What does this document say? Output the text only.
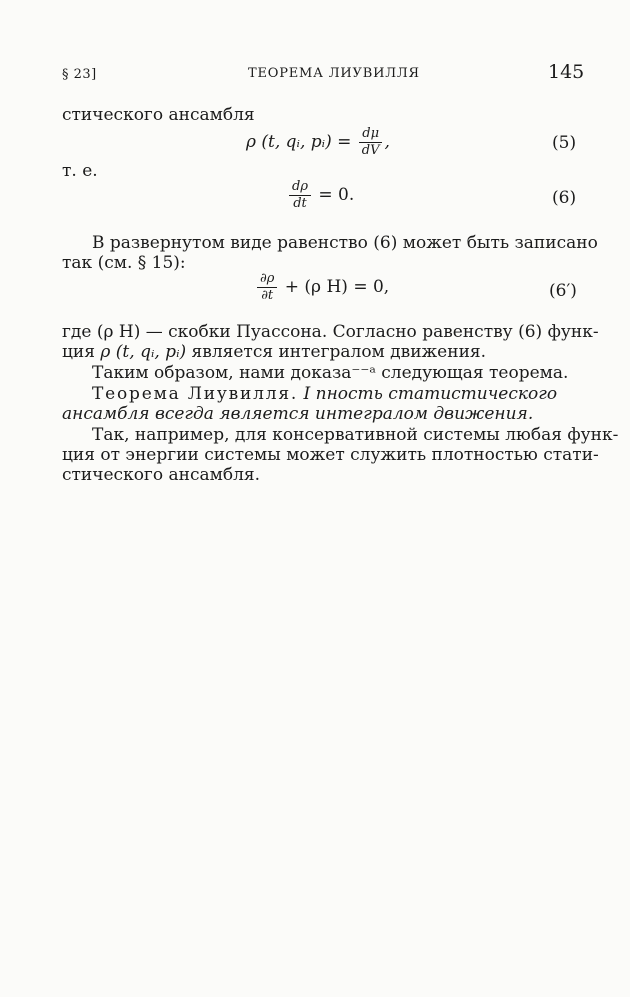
§ 23]	ТЕОРЕМА ЛИУВИЛЛЯ	145
стического ансамбля
ρ (t, qᵢ, pᵢ) = $\frac{d\mu}{dV}$ ,	(5)
т. е.
$\frac{d\rho}{dt} = 0$.	(6)
В развернутом виде равенство (6) может быть записано
так (см. § 15):
$\frac{\partial\rho}{\partial t} + (\rho$ H) = 0,	(6′)
где (ρ H) — скобки Пуассона. Согласно равенству (6) функ-
ция ρ (t, qᵢ, pᵢ) является интегралом движения.
Таким образом, нами доказа⁻⁻ᵃ следующая теорема.
Теорема Лиувилля. I пность статистического
ансамбля всегда является интегралом движения.
Так, например, для консервативной системы любая функ-
ция от энергии системы может служить плотностью стати-
стического ансамбля.
